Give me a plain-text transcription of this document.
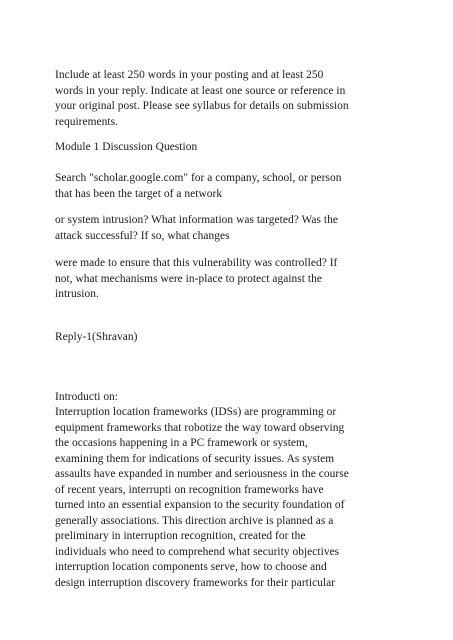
Include at least 250 words in your posting and at least 250
words in your reply. Indicate at least one source or reference in
your original post. Please see syllabus for details on submission
requirements.

Module 1 Discussion Question

Search "scholar.google.com" for a company, school, or person
that has been the target of a network

or system intrusion? What information was targeted? Was the
attack successful? If so, what changes

were made to ensure that this vulnerability was controlled? If
not, what mechanisms were in-place to protect against the
intrusion.

Reply-1(Shravan)

Introducti on:

Interruption location frameworks (IDSs) are programming or
equipment frameworks that robotize the way toward observing
the occasions happening in a PC framework or system,
examining them for indications of security issues. As system
assaults have expanded in number and seriousness in the course
of recent years, interrupti on recognition frameworks have
turned into an essential expansion to the security foundation of
generally associations. This direction archive is planned as a
preliminary in interruption recognition, created for the
individuals who need to comprehend what security objectives
interruption location components serve, how to choose and
design interruption discovery frameworks for their particular
